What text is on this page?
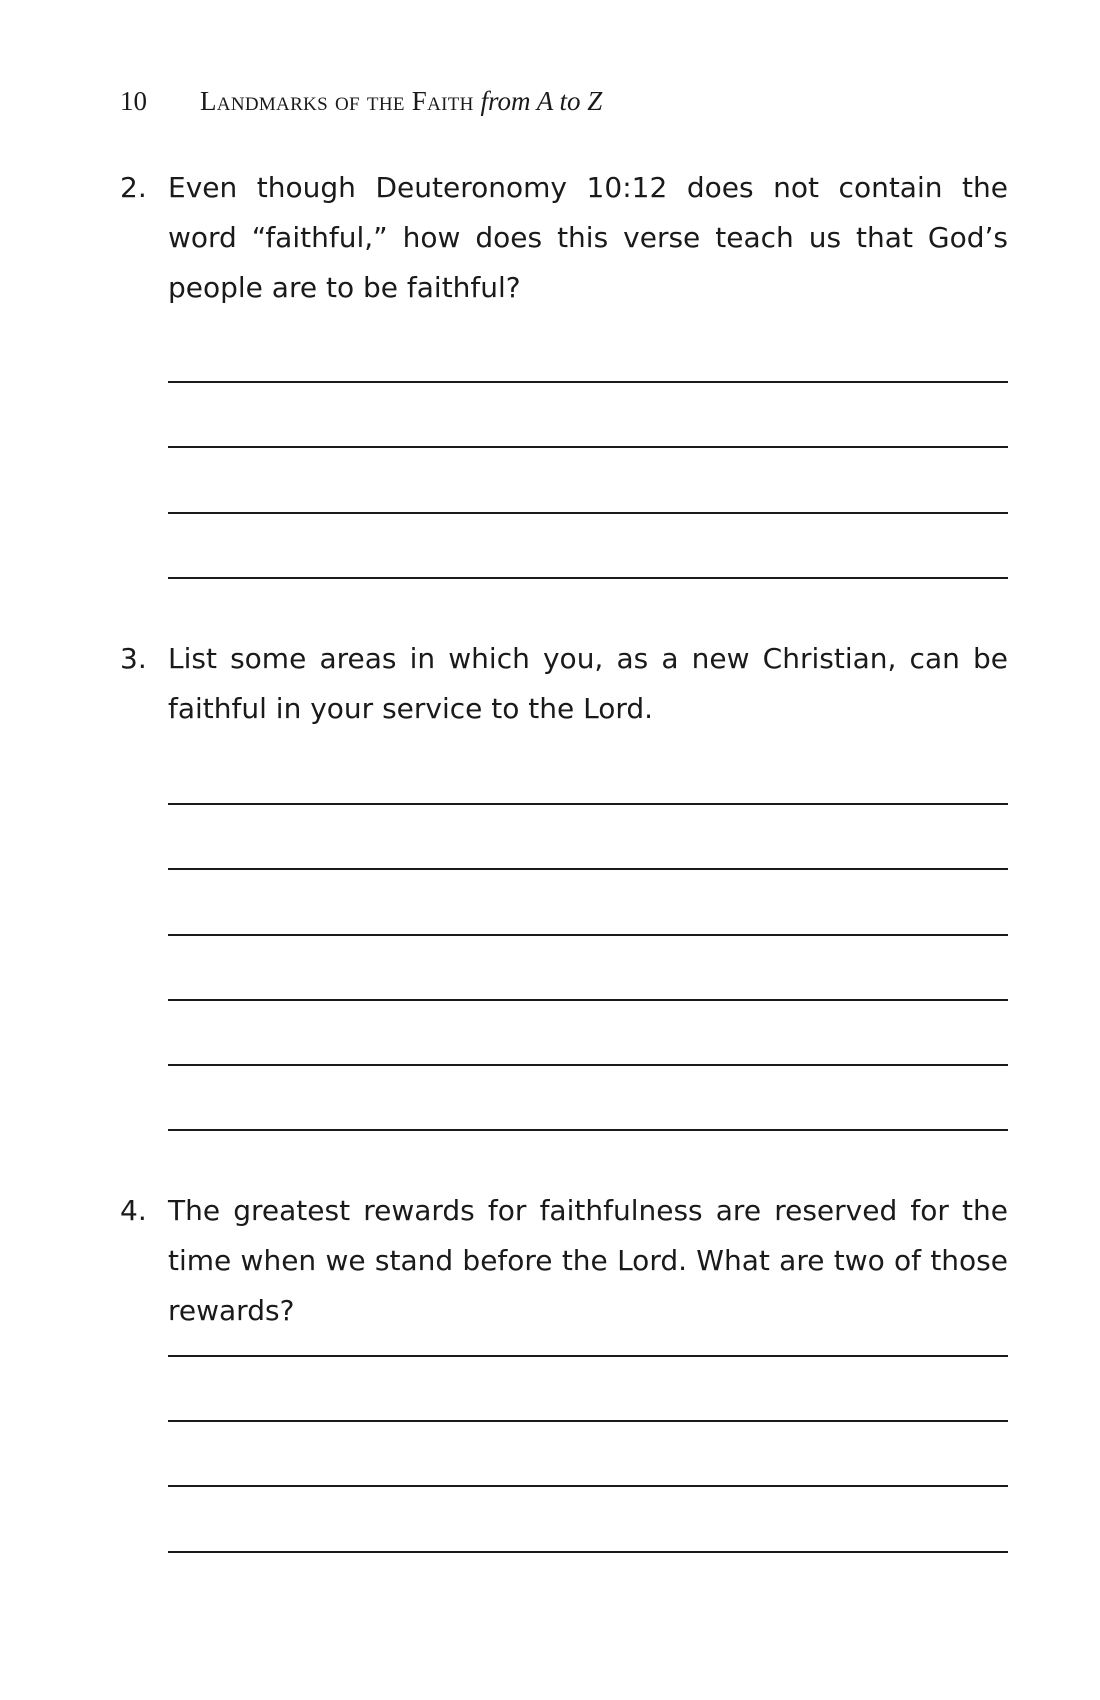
10 Landmarks of the Faith from A to Z
2. Even though Deuteronomy 10:12 does not contain the word “faithful,” how does this verse teach us that God’s people are to be faithful?
3. List some areas in which you, as a new Christian, can be faithful in your service to the Lord.
4. The greatest rewards for faithfulness are reserved for the time when we stand before the Lord. What are two of those rewards?
